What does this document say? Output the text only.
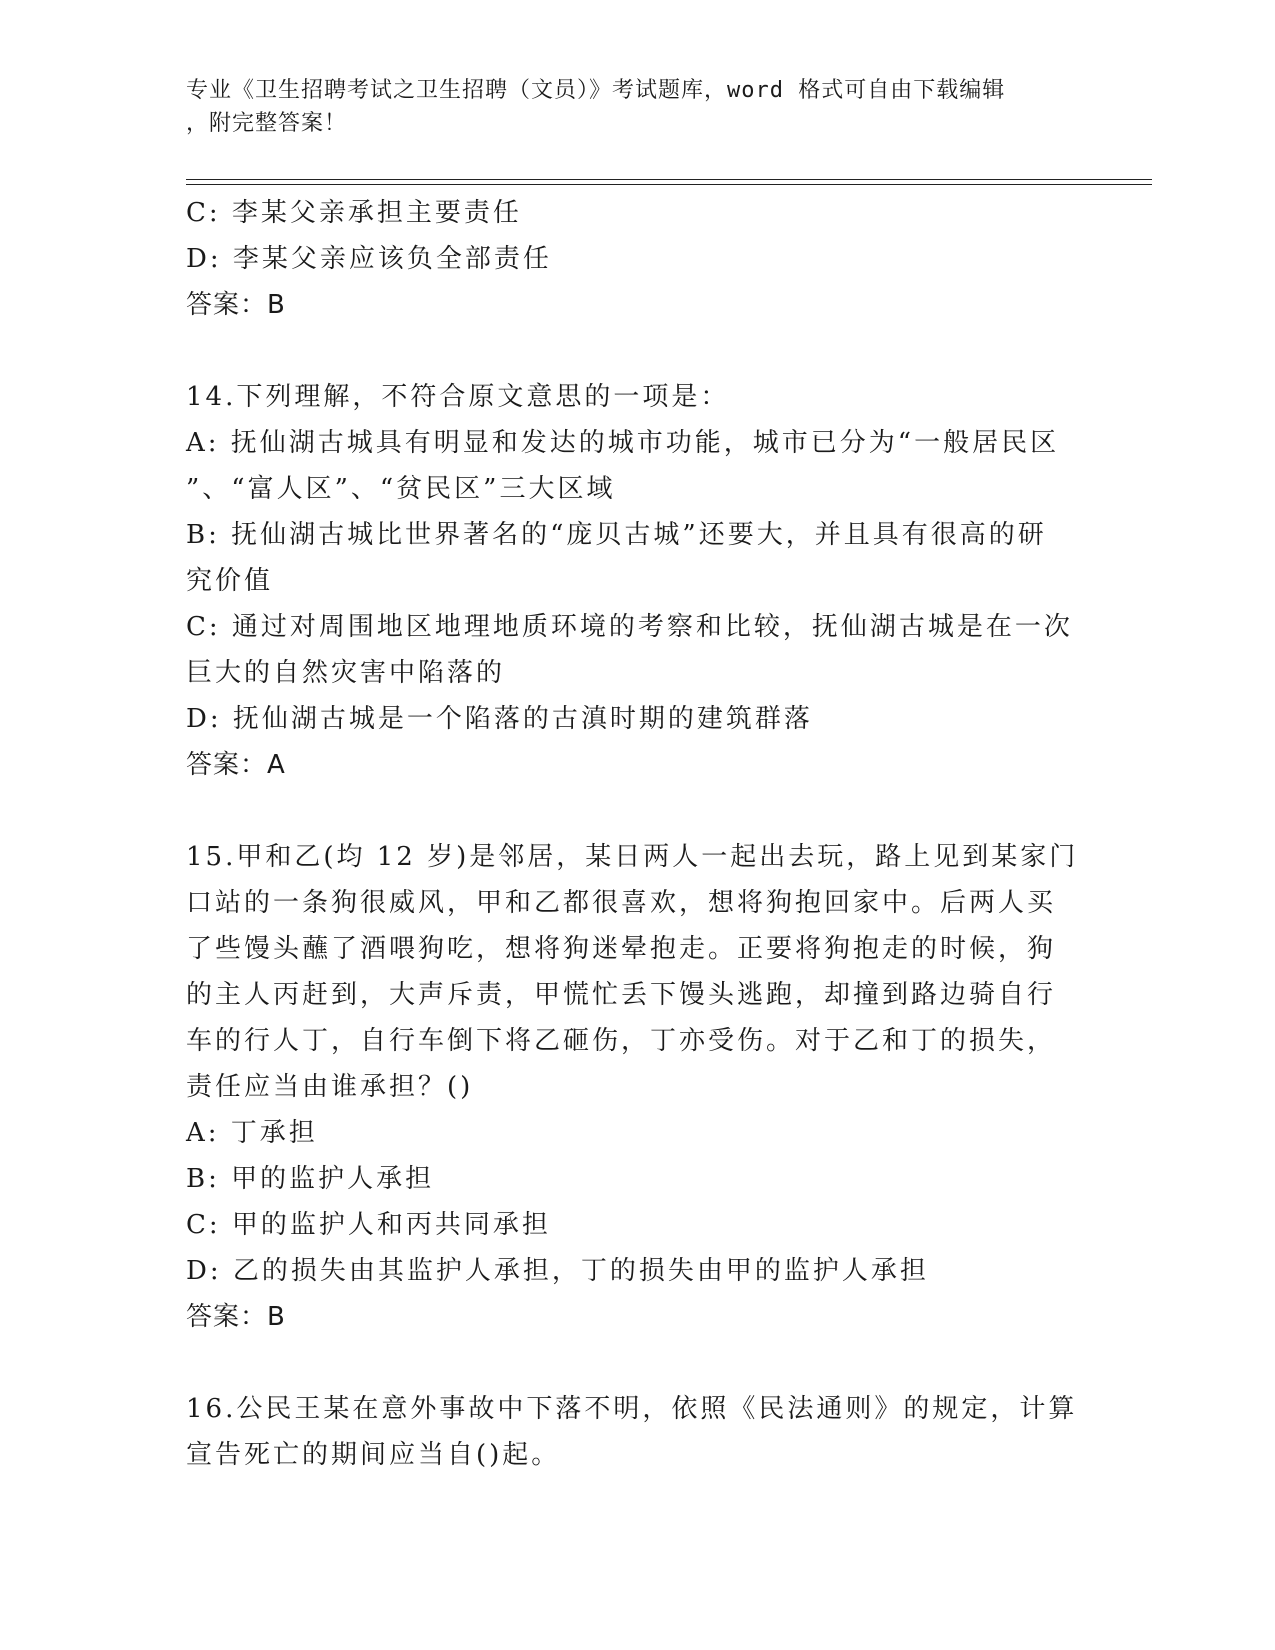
专业《卫生招聘考试之卫生招聘（文员）》考试题库，word 格式可自由下载编辑
，附完整答案！
C: 李某父亲承担主要责任
D: 李某父亲应该负全部责任
答案：B
14.下列理解，不符合原文意思的一项是：
A: 抚仙湖古城具有明显和发达的城市功能，城市已分为“一般居民区
”、“富人区”、“贫民区”三大区域
B: 抚仙湖古城比世界著名的“庞贝古城”还要大，并且具有很高的研
究价值
C: 通过对周围地区地理地质环境的考察和比较，抚仙湖古城是在一次
巨大的自然灾害中陷落的
D: 抚仙湖古城是一个陷落的古滇时期的建筑群落
答案：A
15.甲和乙(均 12 岁)是邻居，某日两人一起出去玩，路上见到某家门
口站的一条狗很威风，甲和乙都很喜欢，想将狗抱回家中。后两人买
了些馒头蘸了酒喂狗吃，想将狗迷晕抱走。正要将狗抱走的时候，狗
的主人丙赶到，大声斥责，甲慌忙丢下馒头逃跑，却撞到路边骑自行
车的行人丁，自行车倒下将乙砸伤，丁亦受伤。对于乙和丁的损失，
责任应当由谁承担？()
A: 丁承担
B: 甲的监护人承担
C: 甲的监护人和丙共同承担
D: 乙的损失由其监护人承担，丁的损失由甲的监护人承担
答案：B
16.公民王某在意外事故中下落不明，依照《民法通则》的规定，计算
宣告死亡的期间应当自()起。
